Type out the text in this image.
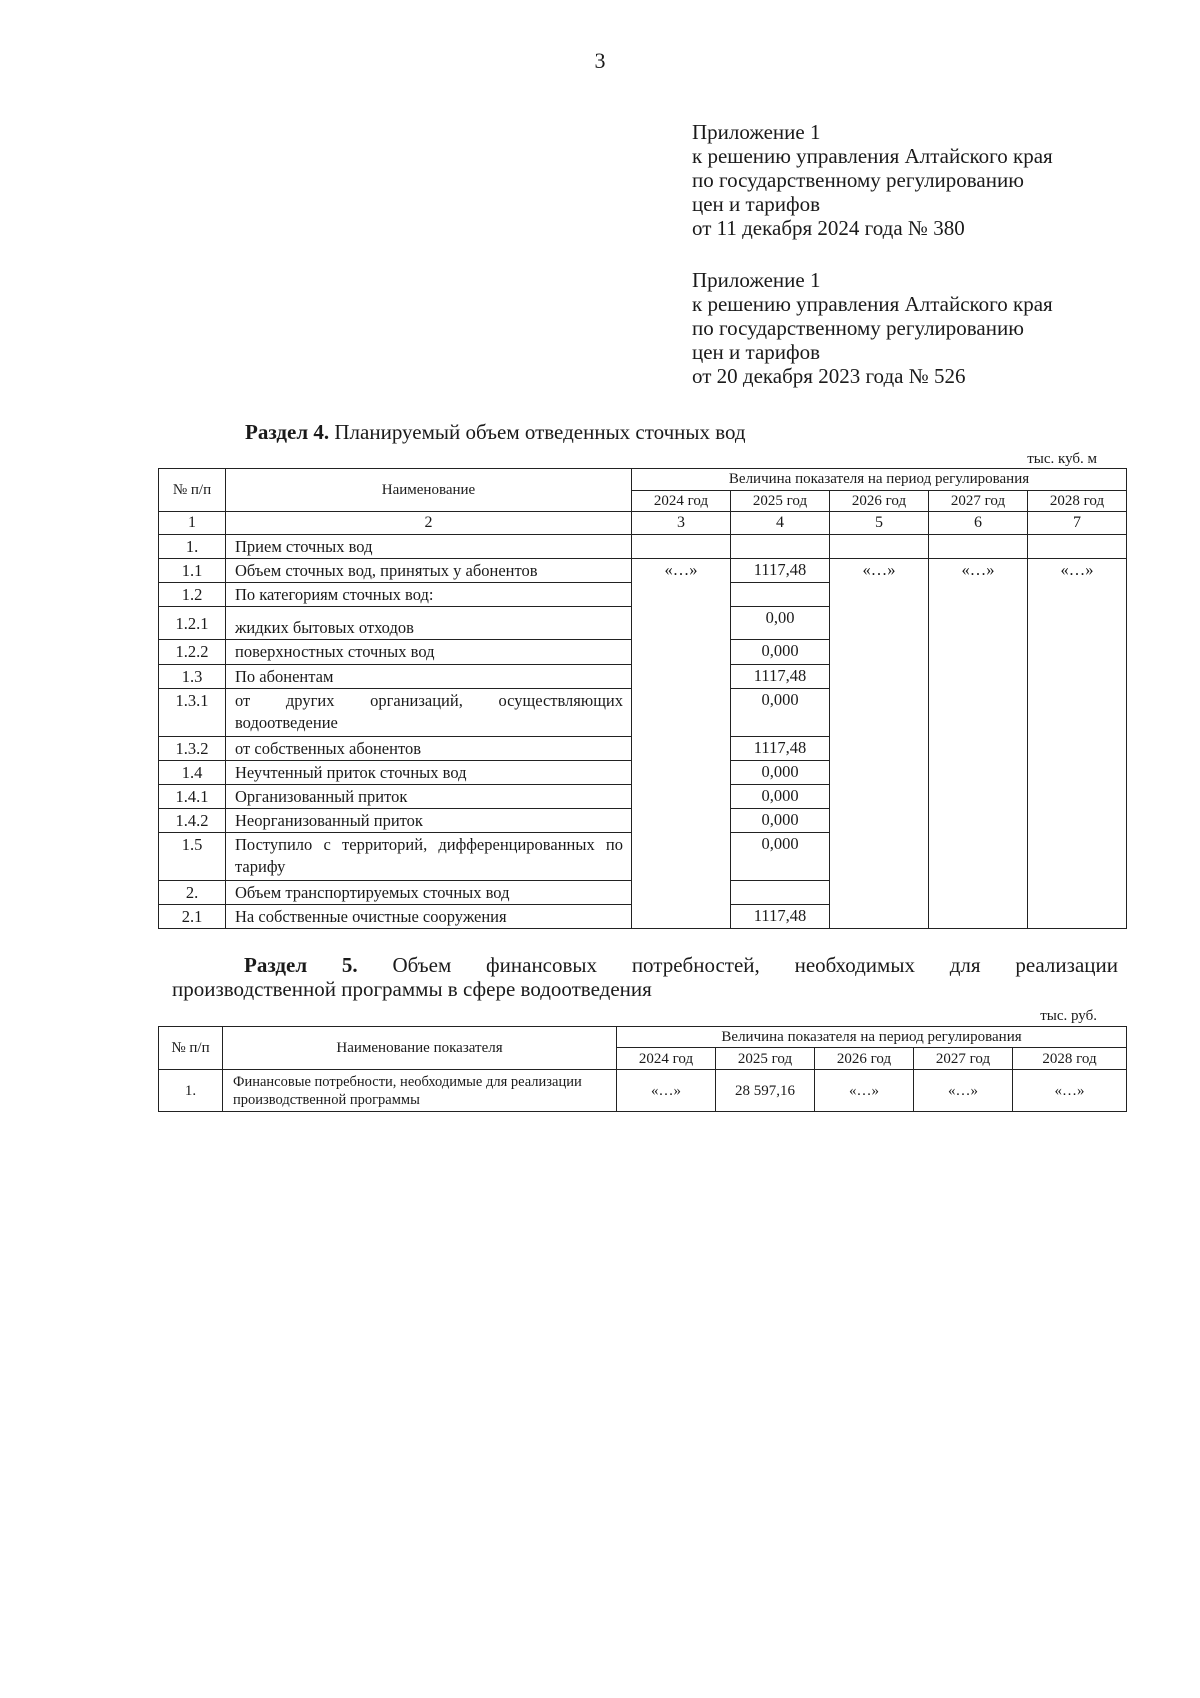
3
Приложение 1
к решению управления Алтайского края
по государственному регулированию
цен и тарифов
от 11 декабря 2024 года № 380
Приложение 1
к решению управления Алтайского края
по государственному регулированию
цен и тарифов
от 20 декабря 2023 года № 526
Раздел 4. Планируемый объем отведенных сточных вод
тыс. куб. м
№ п/п	Наименование	Величина показателя на период регулирования				
		2024 год	2025 год	2026 год	2027 год	2028 год
1	2	3	4	5	6	7
1.	Прием сточных вод					
1.1	Объем сточных вод, принятых у абонентов	«…»	1117,48	«…»	«…»	«…»
1.2	По категориям сточных вод:					
1.2.1	жидких бытовых отходов		0,00			
1.2.2	поверхностных сточных вод		0,000			
1.3	По абонентам		1117,48			
1.3.1	от других организаций, осуществляющих водоотведение		0,000			
1.3.2	от собственных абонентов		1117,48			
1.4	Неучтенный приток сточных вод		0,000			
1.4.1	Организованный приток		0,000			
1.4.2	Неорганизованный приток		0,000			
1.5	Поступило с территорий, дифференцированных по тарифу		0,000			
2.	Объем транспортируемых сточных вод					
2.1	На собственные очистные сооружения		1117,48			
Раздел 5. Объем финансовых потребностей, необходимых для реализации
производственной программы в сфере водоотведения
тыс. руб.
№ п/п	Наименование показателя	Величина показателя на период регулирования				
		2024 год	2025 год	2026 год	2027 год	2028 год
1.	Финансовые потребности, необходимые для реализации производственной программы	«…»	28 597,16	«…»	«…»	«…»
